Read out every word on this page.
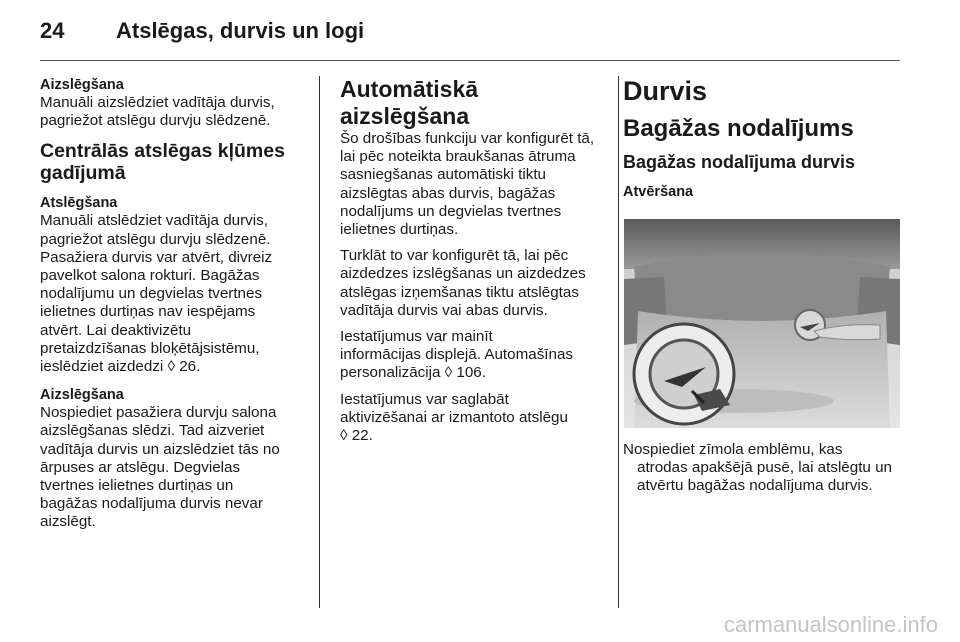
24 Atslēgas, durvis un logi

Aizslēgšana

Manuāli aizslēdziet vadītāja durvis,
pagriežot atslēgu durvju slēdzenē.

Centrālās atslēgas kļūmes
gadījumā

Atslēgšana

Manuāli atslēdziet vadītāja durvis,
pagriežot atslēgu durvju slēdzenē.
Pasažiera durvis var atvērt, divreiz
pavelkot salona rokturi. Bagāžas
nodalījumu un degvielas tvertnes
ielietnes durtiņas nav iespējams
atvērt. Lai deaktivizētu
pretaizdzīšanas bloķētājsistēmu,
ieslēdziet aizdedzi ◊ 26.

Aizslēgšana

Nospiediet pasažiera durvju salona
aizslēgšanas slēdzi. Tad aizveriet
vadītāja durvis un aizslēdziet tās no
ārpuses ar atslēgu. Degvielas
tvertnes ielietnes durtiņas un
bagāžas nodalījuma durvis nevar
aizslēgt.

Automātiskā aizslēgšana

Šo drošības funkciju var konfigurēt tā,
lai pēc noteikta braukšanas ātruma
sasniegšanas automātiski tiktu
aizslēgtas abas durvis, bagāžas
nodalījums un degvielas tvertnes
ielietnes durtiņas.

Turklāt to var konfigurēt tā, lai pēc
aizdedzes izslēgšanas un aizdedzes
atslēgas izņemšanas tiktu atslēgtas
vadītāja durvis vai abas durvis.

Iestatījumus var mainīt
informācijas displejā. Automašīnas
personalizācija ◊ 106.

Iestatījumus var saglabāt
aktivizēšanai ar izmantoto atslēgu
◊ 22.

Durvis

Bagāžas nodalījums

Bagāžas nodalījuma durvis

Atvēršana

Nospiediet zīmola emblēmu, kas

atrodas apakšējā pusē, lai atslēgtu un

atvērtu bagāžas nodalījuma durvis.

carmanualsonline.info
